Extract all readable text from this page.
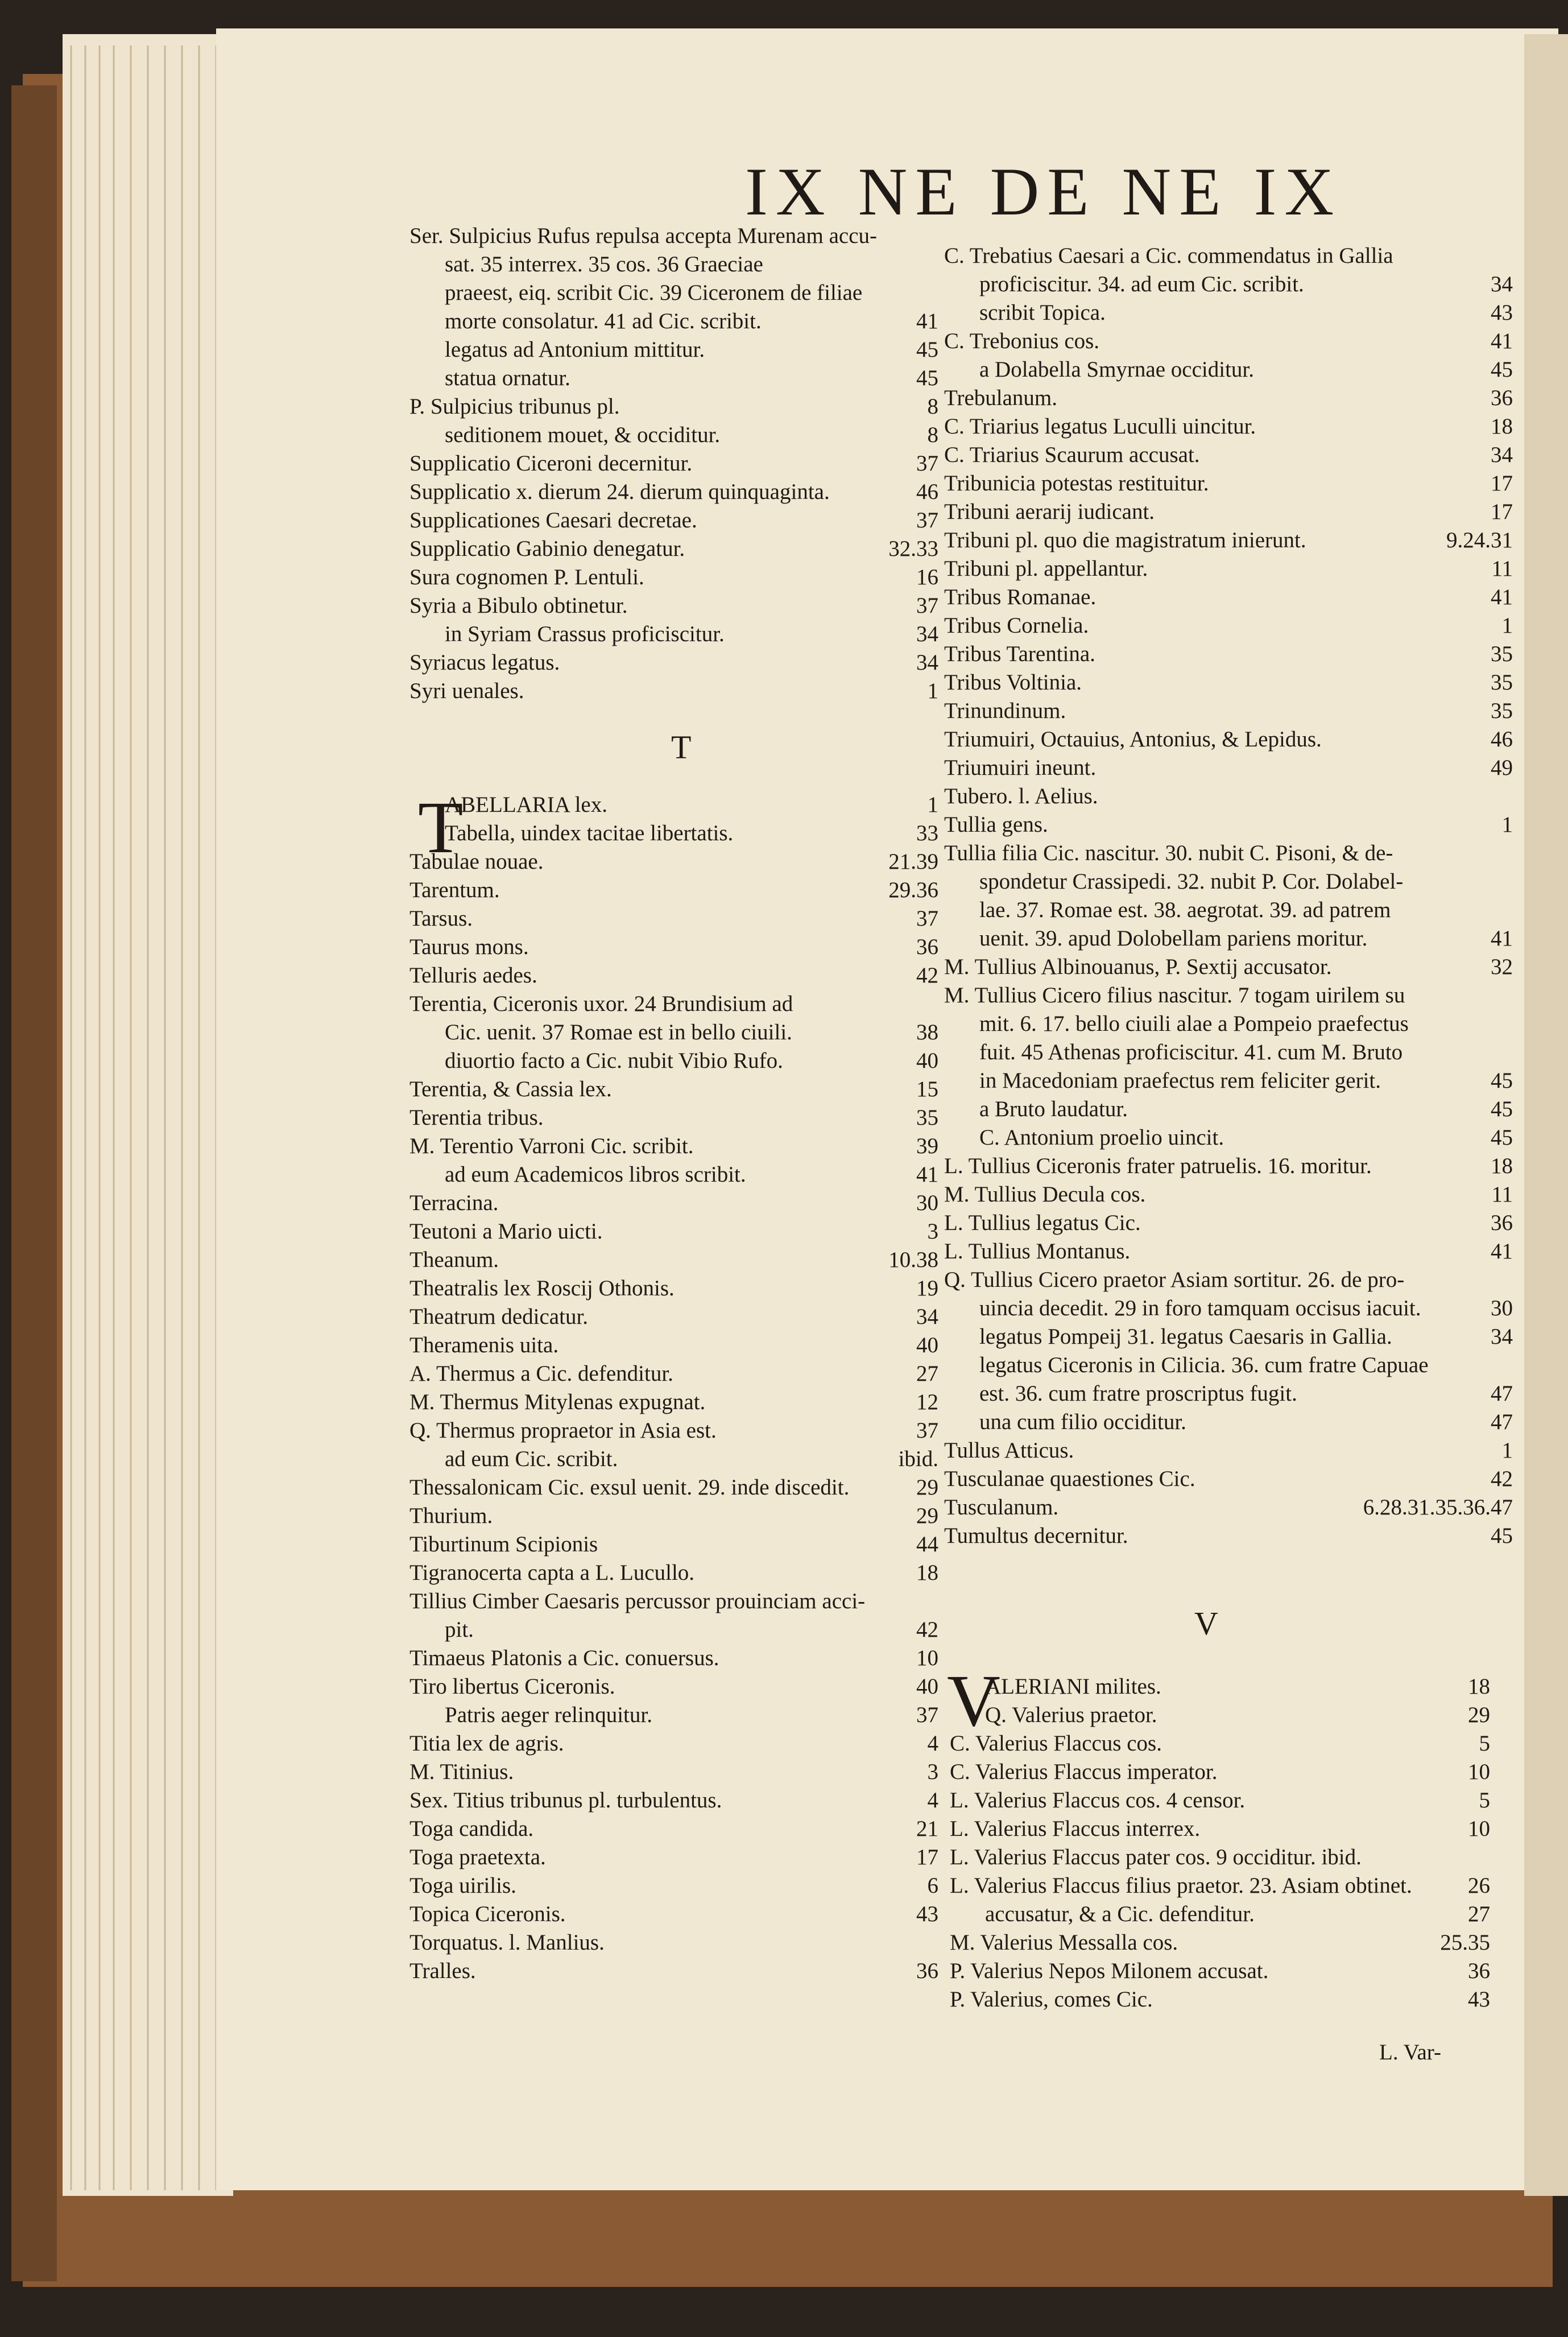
IX NE DE NE IX
Ser. Sulpicius Rufus repulsa accepta Murenam accu-
sat. 35 interrex. 35 cos. 36 Graeciae
praeest, eiq. scribit Cic. 39 Ciceronem de filiae
morte consolatur. 41 ad Cic. scribit.	41
legatus ad Antonium mittitur.	45
statua ornatur.	45
P. Sulpicius tribunus pl.	8
seditionem mouet, & occiditur.	8
Supplicatio Ciceroni decernitur.	37
Supplicatio x. dierum 24. dierum quinquaginta.	46
Supplicationes Caesari decretae.	37
Supplicatio Gabinio denegatur.	32.33
Sura cognomen P. Lentuli.	16
Syria a Bibulo obtinetur.	37
in Syriam Crassus proficiscitur.	34
Syriacus legatus.	34
Syri uenales.	1
ABELLARIA lex.	1
Tabella, uindex tacitae libertatis.	33
Tabulae nouae.	21.39
Tarentum.	29.36
Tarsus.	37
Taurus mons.	36
Telluris aedes.	42
Terentia, Ciceronis uxor. 24 Brundisium ad
Cic. uenit. 37 Romae est in bello ciuili.	38
diuortio facto a Cic. nubit Vibio Rufo.	40
Terentia, & Cassia lex.	15
Terentia tribus.	35
M. Terentio Varroni Cic. scribit.	39
ad eum Academicos libros scribit.	41
Terracina.	30
Teutoni a Mario uicti.	3
Theanum.	10.38
Theatralis lex Roscij Othonis.	19
Theatrum dedicatur.	34
Theramenis uita.	40
A. Thermus a Cic. defenditur.	27
M. Thermus Mitylenas expugnat.	12
Q. Thermus propraetor in Asia est.	37
ad eum Cic. scribit.	ibid.
Thessalonicam Cic. exsul uenit. 29. inde discedit.	29
Thurium.	29
Tiburtinum Scipionis	44
Tigranocerta capta a L. Lucullo.	18
Tillius Cimber Caesaris percussor prouinciam acci-
pit.	42
Timaeus Platonis a Cic. conuersus.	10
Tiro libertus Ciceronis.	40
Patris aeger relinquitur.	37
Titia lex de agris.	4
M. Titinius.	3
Sex. Titius tribunus pl. turbulentus.	4
Toga candida.	21
Toga praetexta.	17
Toga uirilis.	6
Topica Ciceronis.	43
Torquatus. l. Manlius.
Tralles.	36
T
T
C. Trebatius Caesari a Cic. commendatus in Gallia
proficiscitur. 34. ad eum Cic. scribit.	34
scribit Topica.	43
C. Trebonius cos.	41
a Dolabella Smyrnae occiditur.	45
Trebulanum.	36
C. Triarius legatus Luculli uincitur.	18
C. Triarius Scaurum accusat.	34
Tribunicia potestas restituitur.	17
Tribuni aerarij iudicant.	17
Tribuni pl. quo die magistratum inierunt.	9.24.31
Tribuni pl. appellantur.	11
Tribus Romanae.	41
Tribus Cornelia.	1
Tribus Tarentina.	35
Tribus Voltinia.	35
Trinundinum.	35
Triumuiri, Octauius, Antonius, & Lepidus.	46
Triumuiri ineunt.	49
Tubero. l. Aelius.
Tullia gens.	1
Tullia filia Cic. nascitur. 30. nubit C. Pisoni, & de-
spondetur Crassipedi. 32. nubit P. Cor. Dolabel-
lae. 37. Romae est. 38. aegrotat. 39. ad patrem
uenit. 39. apud Dolobellam pariens moritur.	41
M. Tullius Albinouanus, P. Sextij accusator.	32
M. Tullius Cicero filius nascitur. 7 togam uirilem su
mit. 6. 17. bello ciuili alae a Pompeio praefectus
fuit. 45 Athenas proficiscitur. 41. cum M. Bruto
in Macedoniam praefectus rem feliciter gerit.	45
a Bruto laudatur.	45
C. Antonium proelio uincit.	45
L. Tullius Ciceronis frater patruelis. 16. moritur.	18
M. Tullius Decula cos.	11
L. Tullius legatus Cic.	36
L. Tullius Montanus.	41
Q. Tullius Cicero praetor Asiam sortitur. 26. de pro-
uincia decedit. 29 in foro tamquam occisus iacuit.	30
legatus Pompeij 31. legatus Caesaris in Gallia.	34
legatus Ciceronis in Cilicia. 36. cum fratre Capuae
est. 36. cum fratre proscriptus fugit.	47
una cum filio occiditur.	47
Tullus Atticus.	1
Tusculanae quaestiones Cic.	42
Tusculanum.	6.28.31.35.36.47
Tumultus decernitur.	45
V
V
ALERIANI milites.	18
Q. Valerius praetor.	29
C. Valerius Flaccus cos.	5
C. Valerius Flaccus imperator.	10
L. Valerius Flaccus cos. 4 censor.	5
L. Valerius Flaccus interrex.	10
L. Valerius Flaccus pater cos. 9 occiditur. ibid.
L. Valerius Flaccus filius praetor. 23. Asiam obtinet.	26
accusatur, & a Cic. defenditur.	27
M. Valerius Messalla cos.	25.35
P. Valerius Nepos Milonem accusat.	36
P. Valerius, comes Cic.	43
L. Var-
